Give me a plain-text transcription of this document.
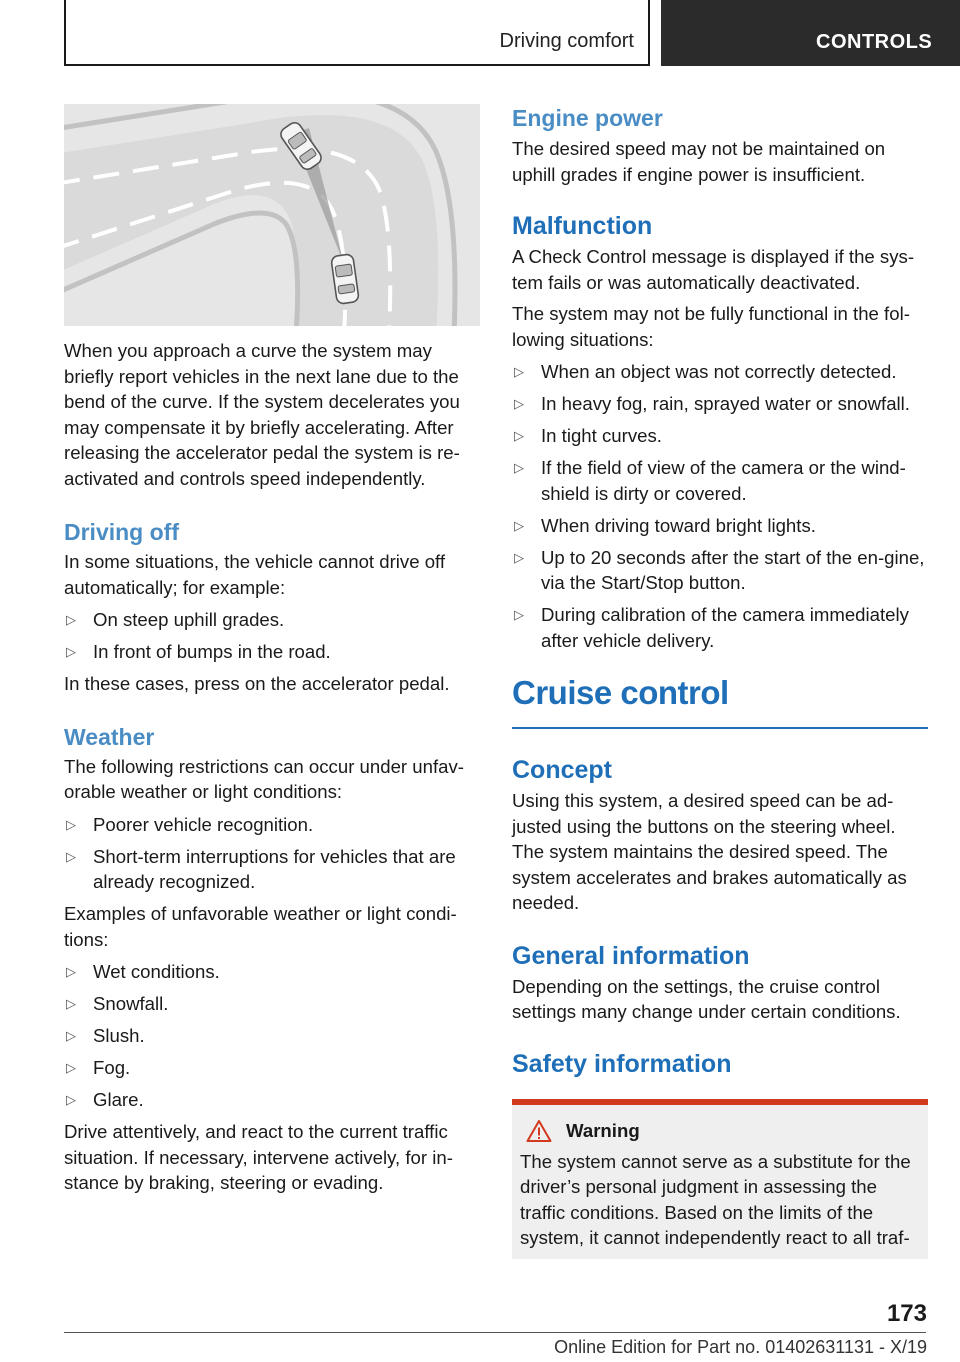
Driving comfort	CONTROLS

When you approach a curve the system may briefly report vehicles in the next lane due to the bend of the curve. If the system decelerates you may compensate it by briefly accelerating. After releasing the accelerator pedal the system is re-activated and controls speed independently.

Driving off

In some situations, the vehicle cannot drive off automatically; for example:

▷ On steep uphill grades.
▷ In front of bumps in the road.

In these cases, press on the accelerator pedal.

Weather

The following restrictions can occur under unfav-orable weather or light conditions:

▷ Poorer vehicle recognition.
▷ Short-term interruptions for vehicles that are already recognized.

Examples of unfavorable weather or light condi-tions:

▷ Wet conditions.
▷ Snowfall.
▷ Slush.
▷ Fog.
▷ Glare.

Drive attentively, and react to the current traffic situation. If necessary, intervene actively, for in-stance by braking, steering or evading.

Engine power

The desired speed may not be maintained on uphill grades if engine power is insufficient.

Malfunction

A Check Control message is displayed if the sys-tem fails or was automatically deactivated.

The system may not be fully functional in the fol-lowing situations:

▷ When an object was not correctly detected.
▷ In heavy fog, rain, sprayed water or snowfall.
▷ In tight curves.
▷ If the field of view of the camera or the wind-shield is dirty or covered.
▷ When driving toward bright lights.
▷ Up to 20 seconds after the start of the en-gine, via the Start/Stop button.
▷ During calibration of the camera immediately after vehicle delivery.
Cruise control
Concept

Using this system, a desired speed can be ad-justed using the buttons on the steering wheel. The system maintains the desired speed. The system accelerates and brakes automatically as needed.

General information

Depending on the settings, the cruise control settings many change under certain conditions.

Safety information
Warning

The system cannot serve as a substitute for the driver’s personal judgment in assessing the traffic conditions. Based on the limits of the system, it cannot independently react to all traf-

173
Online Edition for Part no. 01402631131 - X/19
